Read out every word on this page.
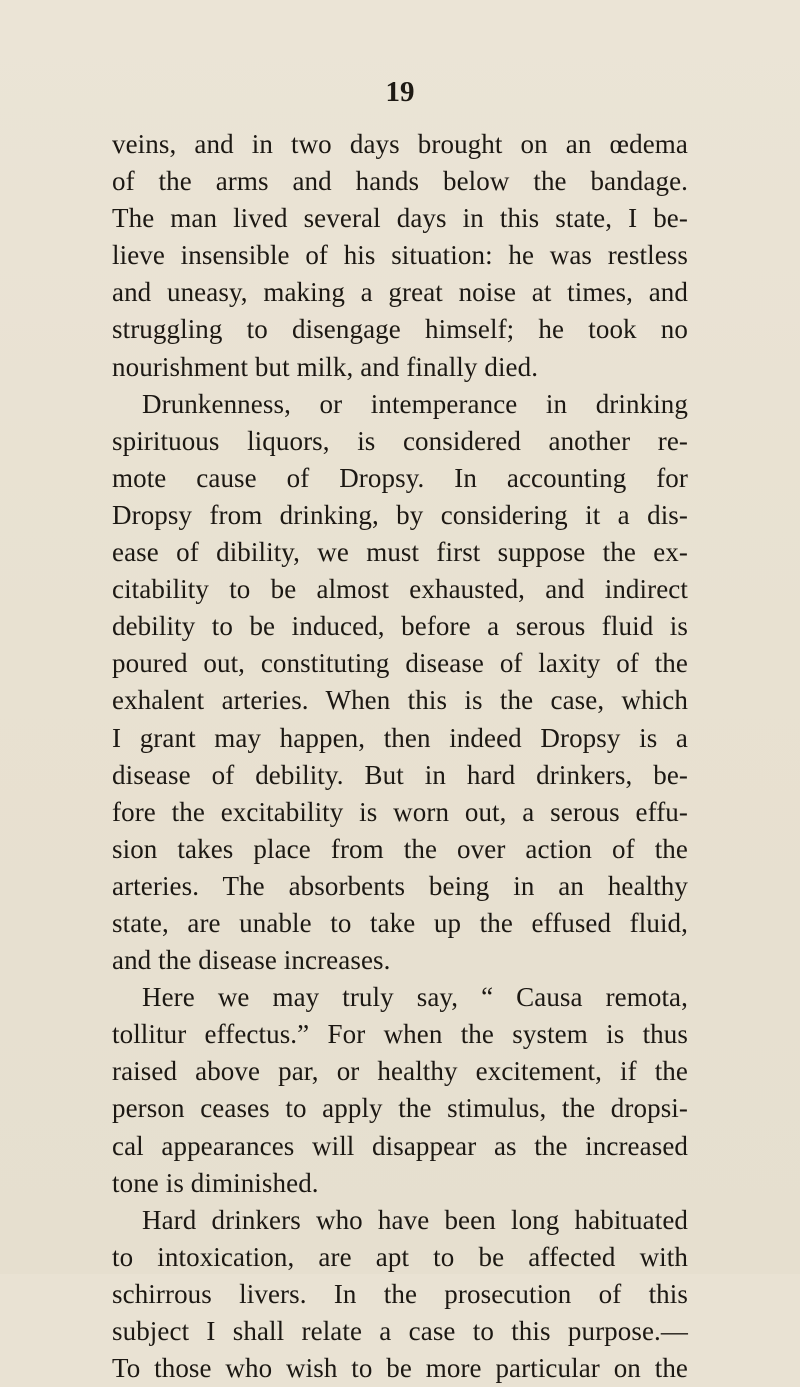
19
veins, and in two days brought on an œdema
of the arms and hands below the bandage.
The man lived several days in this state, I be-
lieve insensible of his situation: he was restless
and uneasy, making a great noise at times, and
struggling to disengage himself; he took no
nourishment but milk, and finally died.
Drunkenness, or intemperance in drinking
spirituous liquors, is considered another re-
mote cause of Dropsy. In accounting for
Dropsy from drinking, by considering it a dis-
ease of dibility, we must first suppose the ex-
citability to be almost exhausted, and indirect
debility to be induced, before a serous fluid is
poured out, constituting disease of laxity of the
exhalent arteries. When this is the case, which
I grant may happen, then indeed Dropsy is a
disease of debility. But in hard drinkers, be-
fore the excitability is worn out, a serous effu-
sion takes place from the over action of the
arteries. The absorbents being in an healthy
state, are unable to take up the effused fluid,
and the disease increases.
Here we may truly say, “ Causa remota,
tollitur effectus.” For when the system is thus
raised above par, or healthy excitement, if the
person ceases to apply the stimulus, the dropsi-
cal appearances will disappear as the increased
tone is diminished.
Hard drinkers who have been long habituated
to intoxication, are apt to be affected with
schirrous livers. In the prosecution of this
subject I shall relate a case to this purpose.—
To those who wish to be more particular on the
